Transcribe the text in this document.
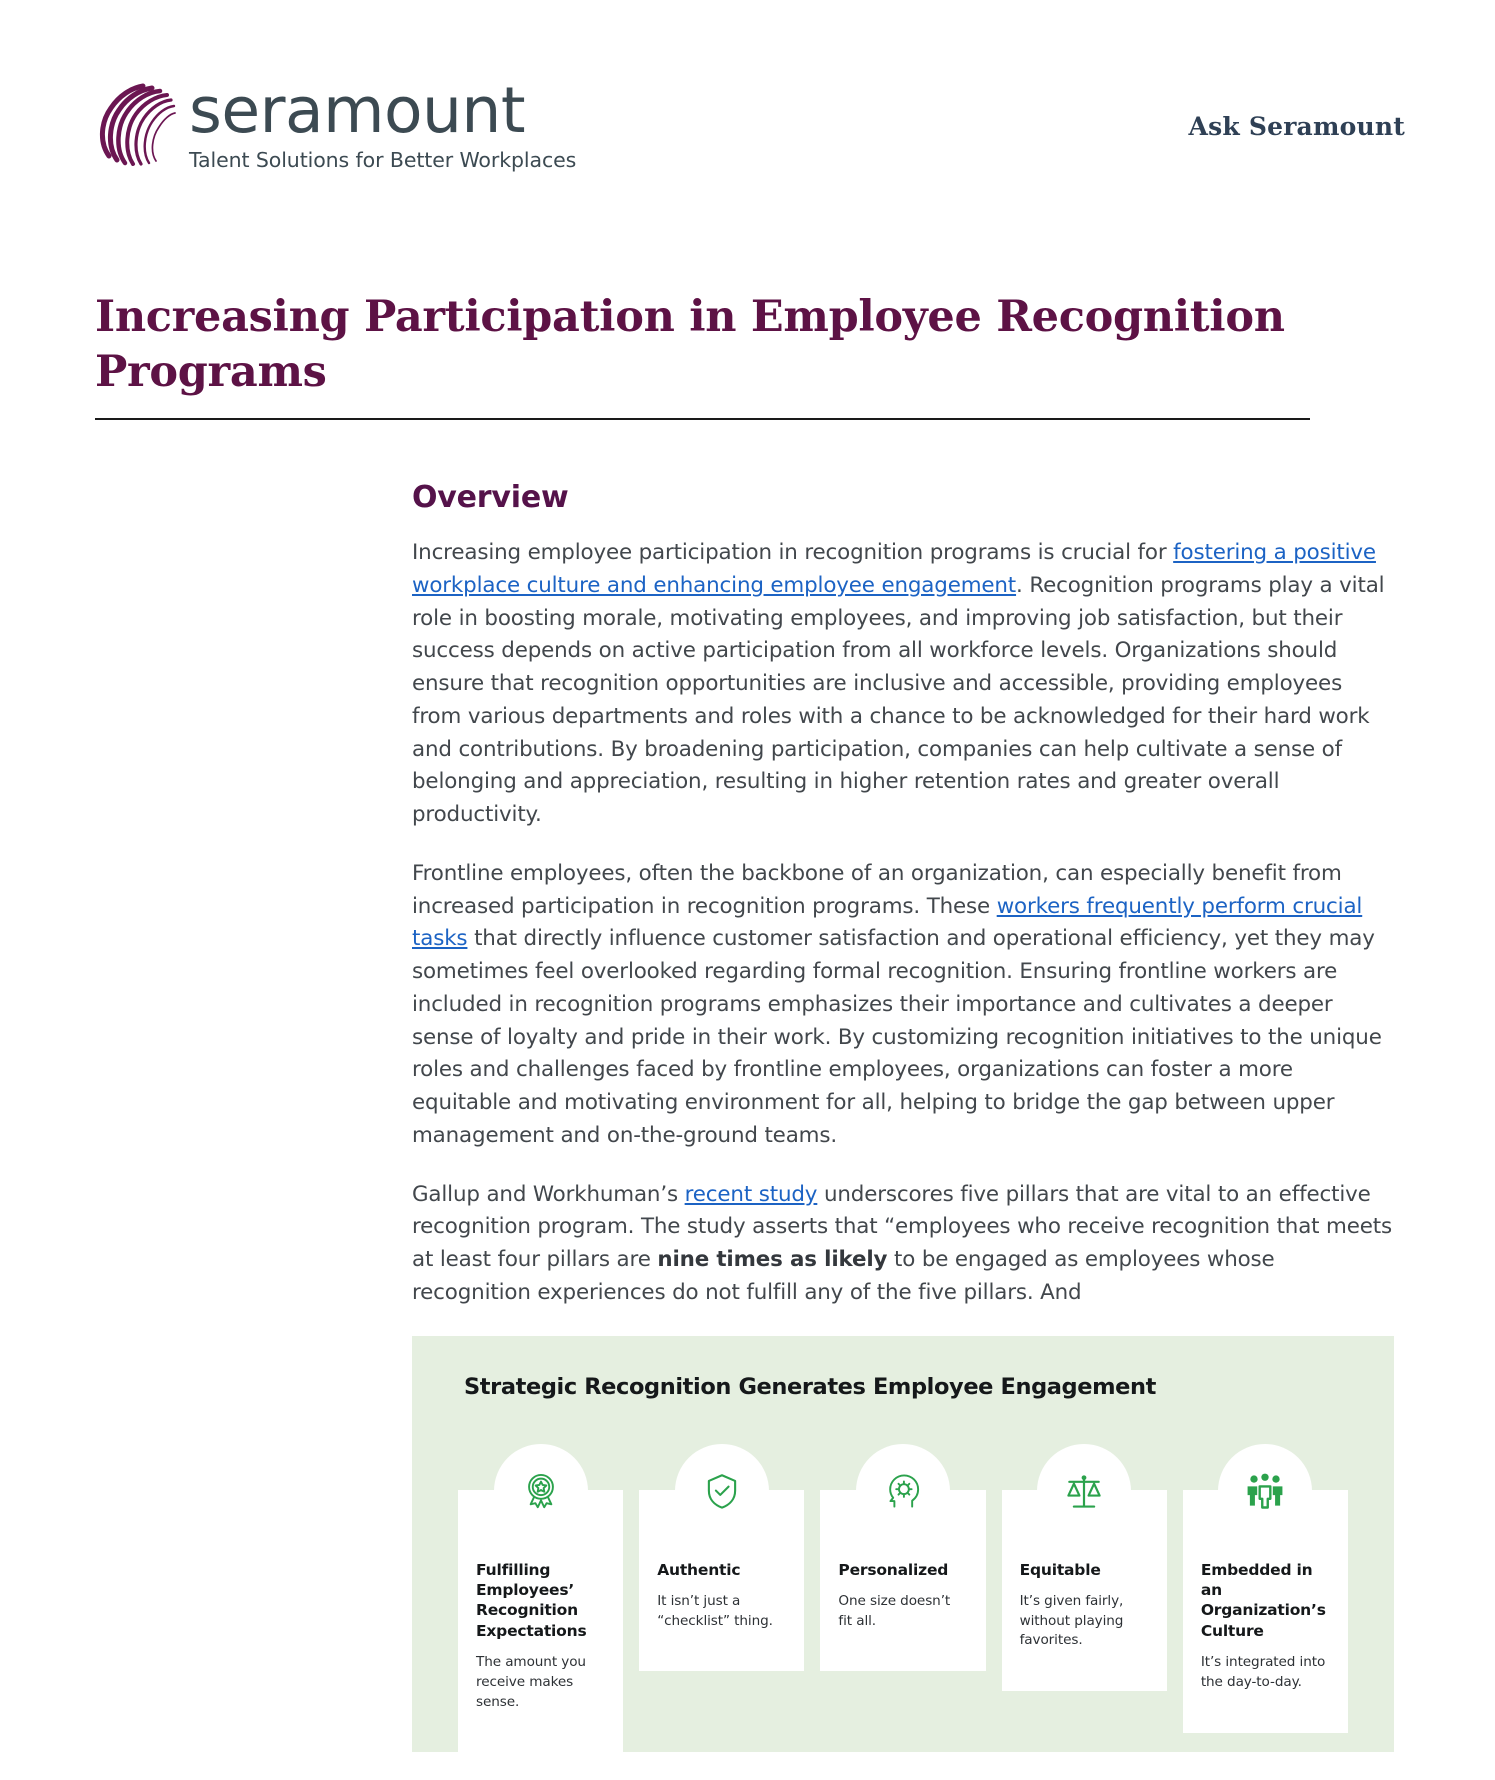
seramount
Talent Solutions for Better Workplaces
Ask Seramount
Increasing Participation in Employee Recognition Programs
Overview

Increasing employee participation in recognition programs is crucial for fostering a positive workplace culture and enhancing employee engagement. Recognition programs play a vital role in boosting morale, motivating employees, and improving job satisfaction, but their success depends on active participation from all workforce levels. Organizations should ensure that recognition opportunities are inclusive and accessible, providing employees from various departments and roles with a chance to be acknowledged for their hard work and contributions. By broadening participation, companies can help cultivate a sense of belonging and appreciation, resulting in higher retention rates and greater overall productivity.

Frontline employees, often the backbone of an organization, can especially benefit from increased participation in recognition programs. These workers frequently perform crucial tasks that directly influence customer satisfaction and operational efficiency, yet they may sometimes feel overlooked regarding formal recognition. Ensuring frontline workers are included in recognition programs emphasizes their importance and cultivates a deeper sense of loyalty and pride in their work. By customizing recognition initiatives to the unique roles and challenges faced by frontline employees, organizations can foster a more equitable and motivating environment for all, helping to bridge the gap between upper management and on-the-ground teams.

Gallup and Workhuman’s recent study underscores five pillars that are vital to an effective recognition program. The study asserts that “employees who receive recognition that meets at least four pillars are nine times as likely to be engaged as employees whose recognition experiences do not fulfill any of the five pillars. And

Strategic Recognition Generates Employee Engagement
Fulfilling Employees’ Recognition Expectations
The amount you receive makes sense.
Authentic
It isn’t just a “checklist” thing.
Personalized
One size doesn’t fit all.
Equitable
It’s given fairly, without playing favorites.
Embedded in an Organization’s Culture
It’s integrated into the day-to-day.
